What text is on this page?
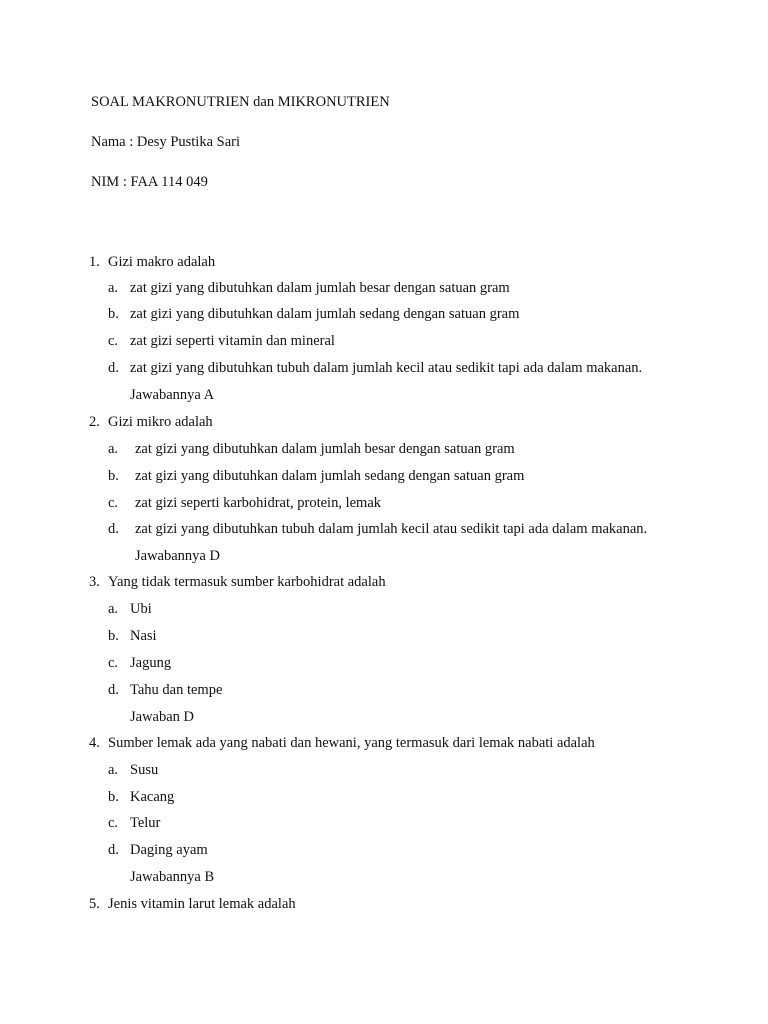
SOAL MAKRONUTRIEN dan MIKRONUTRIEN
Nama : Desy Pustika Sari
NIM : FAA 114 049
1. Gizi makro adalah
a. zat gizi yang dibutuhkan dalam jumlah besar dengan satuan gram
b. zat gizi yang dibutuhkan dalam jumlah sedang dengan satuan gram
c. zat gizi seperti vitamin dan mineral
d. zat gizi yang dibutuhkan tubuh dalam jumlah kecil atau sedikit tapi ada dalam makanan.
Jawabannya A
2. Gizi mikro adalah
a. zat gizi yang dibutuhkan dalam jumlah besar dengan satuan gram
b. zat gizi yang dibutuhkan dalam jumlah sedang dengan satuan gram
c. zat gizi seperti karbohidrat, protein, lemak
d. zat gizi yang dibutuhkan tubuh dalam jumlah kecil atau sedikit tapi ada dalam makanan.
Jawabannya D
3. Yang tidak termasuk sumber karbohidrat adalah
a. Ubi
b. Nasi
c. Jagung
d. Tahu dan tempe
Jawaban D
4. Sumber lemak ada yang nabati dan hewani, yang termasuk dari lemak nabati adalah
a. Susu
b. Kacang
c. Telur
d. Daging ayam
Jawabannya B
5. Jenis vitamin larut lemak adalah
